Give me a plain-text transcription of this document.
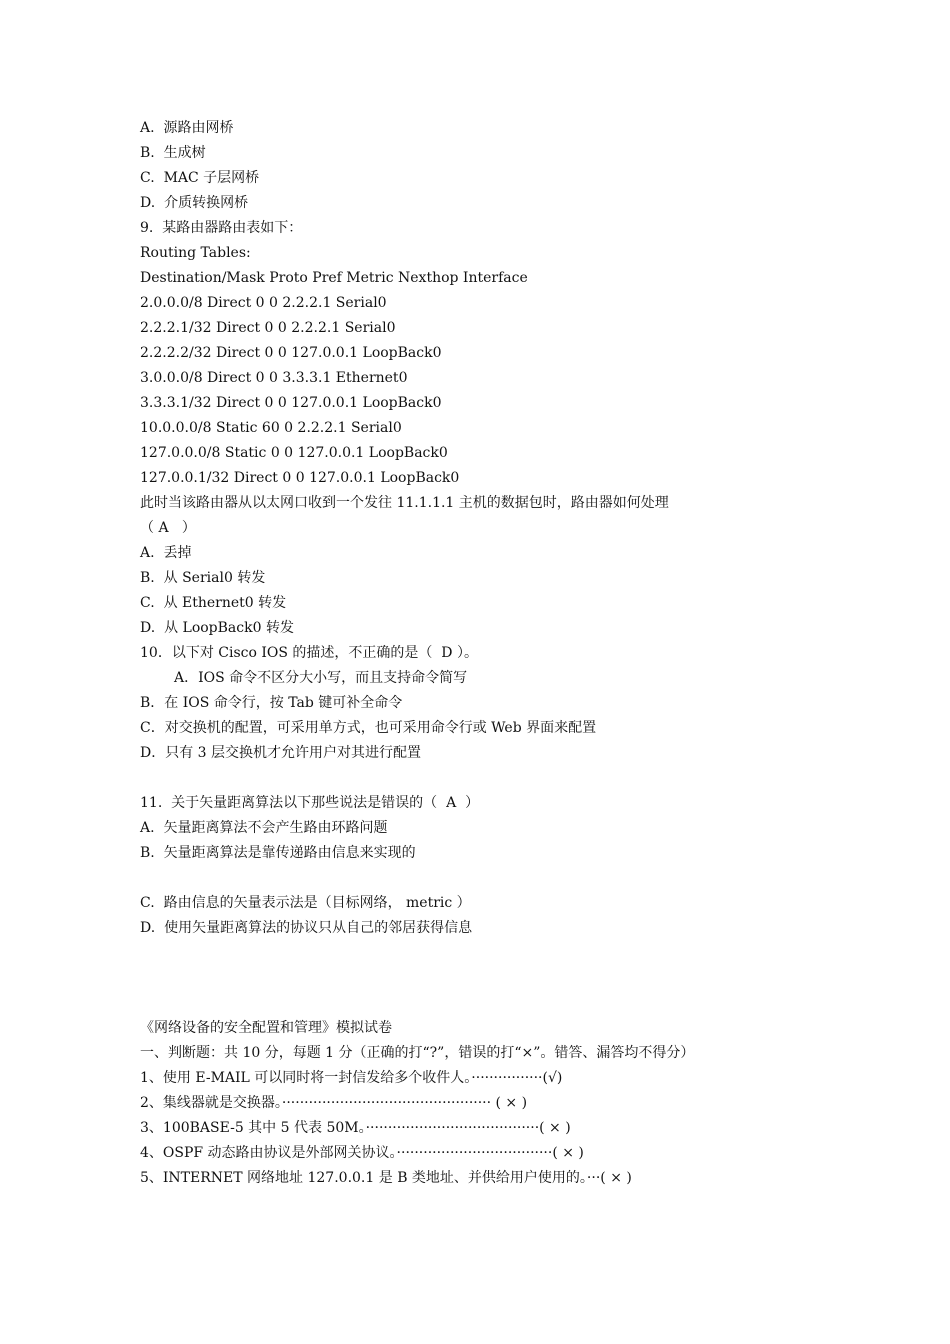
A.  源路由网桥
B.  生成树
C.  MAC 子层网桥
D.  介质转换网桥
9.  某路由器路由表如下：
Routing Tables:
Destination/Mask Proto Pref Metric Nexthop Interface
2.0.0.0/8 Direct 0 0 2.2.2.1 Serial0
2.2.2.1/32 Direct 0 0 2.2.2.1 Serial0
2.2.2.2/32 Direct 0 0 127.0.0.1 LoopBack0
3.0.0.0/8 Direct 0 0 3.3.3.1 Ethernet0
3.3.3.1/32 Direct 0 0 127.0.0.1 LoopBack0
10.0.0.0/8 Static 60 0 2.2.2.1 Serial0
127.0.0.0/8 Static 0 0 127.0.0.1 LoopBack0
127.0.0.1/32 Direct 0 0 127.0.0.1 LoopBack0
此时当该路由器从以太网口收到一个发往 11.1.1.1 主机的数据包时，路由器如何处理
（ A   ）
A.  丢掉
B.  从 Serial0 转发
C.  从 Ethernet0 转发
D.  从 LoopBack0 转发
10．以下对 Cisco IOS 的描述，不正确的是（  D ）。
A．IOS 命令不区分大小写，而且支持命令简写
B．在 IOS 命令行，按 Tab 键可补全命令
C．对交换机的配置，可采用单方式，也可采用命令行或 Web 界面来配置
D．只有 3 层交换机才允许用户对其进行配置
11.  关于矢量距离算法以下那些说法是错误的（  A  ）
A.  矢量距离算法不会产生路由环路问题
B.  矢量距离算法是靠传递路由信息来实现的
C.  路由信息的矢量表示法是（目标网络， metric ）
D.  使用矢量距离算法的协议只从自己的邻居获得信息
《网络设备的安全配置和管理》模拟试卷
一、判断题：共 10 分，每题 1 分（正确的打“?”，错误的打“×”。错答、漏答均不得分）
1、使用 E-MAIL 可以同时将一封信发给多个收件人。················(√)
2、集线器就是交换器。··············································· ( × )
3、100BASE-5 其中 5 代表 50M。·······································( × )
4、OSPF 动态路由协议是外部网关协议。···································( × )
5、INTERNET 网络地址 127.0.0.1 是 B 类地址、并供给用户使用的。···( × )
